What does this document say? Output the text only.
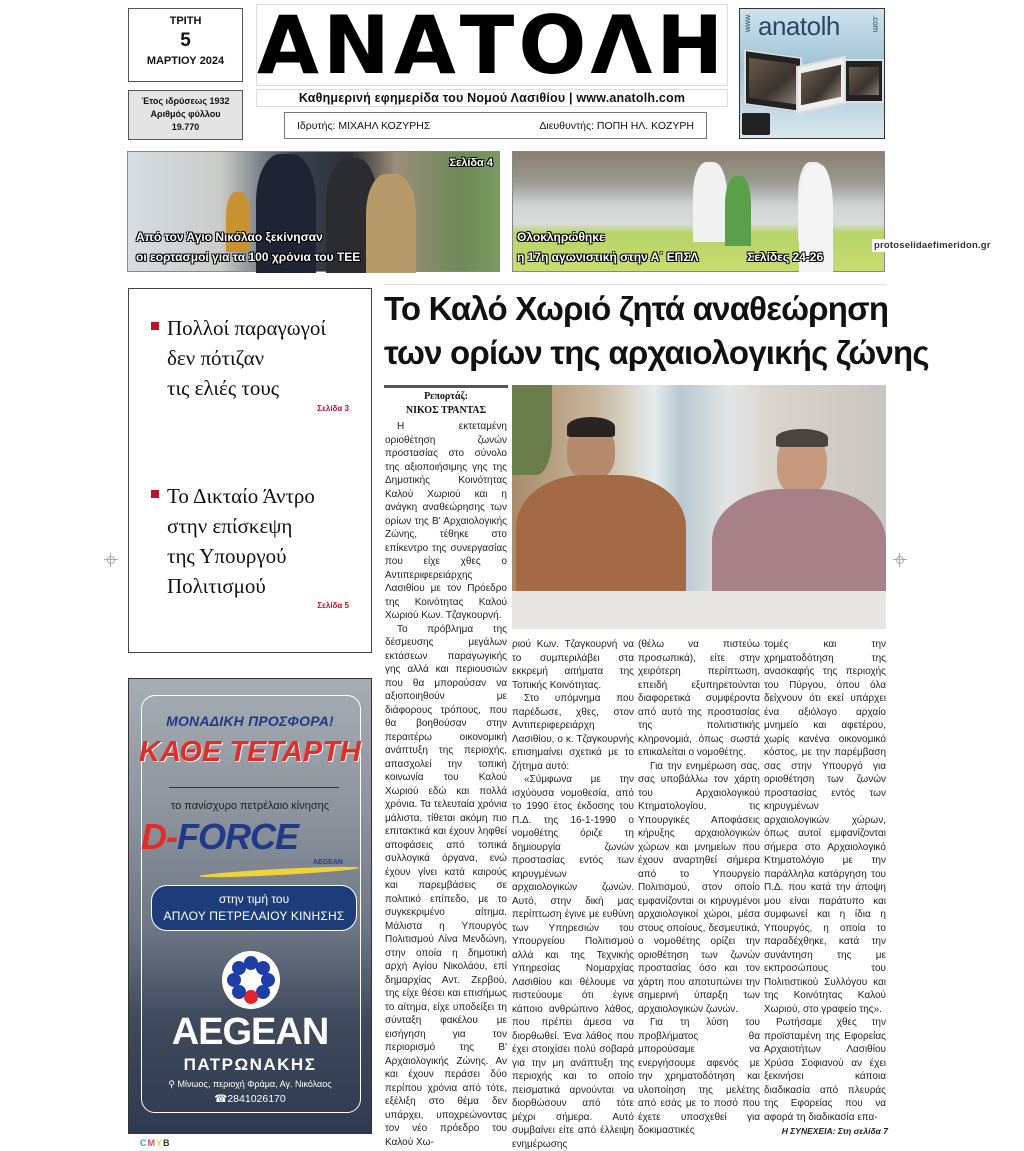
ΤΡΙΤΗ
5
ΜΑΡΤΙΟΥ 2024
Έτος ιδρύσεως 1932
Αριθμός φύλλου
19.770
ΑΝΑΤΟΛΗ
Καθημερινή εφημερίδα του Νομού Λασιθίου | www.anatolh.com
Ιδρυτής: ΜΙΧΑΗΛ ΚΟΖΥΡΗΣ	Διευθυντής: ΠΟΠΗ ΗΛ. ΚΟΖΥΡΗ
www. anatolh	.com
Σελίδα 4
Από τον Άγιο Νικόλαο ξεκίνησαν
οι εορτασμοί για τα 100 χρόνια του ΤΕΕ
Ολοκληρώθηκε
η 17η αγωνιστική στην Α΄ ΕΠΣΛ	Σελίδες 24-26
protoselidaefimeridon.gr
Πολλοί παραγωγοί
δεν πότιζαν
τις ελιές τους
Σελίδα 3
Το Δικταίο Άντρο
στην επίσκεψη
της Υπουργού
Πολιτισμού
Σελίδα 5
ΜΟΝΑΔΙΚΗ ΠΡΟΣΦΟΡΑ!
ΚΑΘΕ ΤΕΤΑΡΤΗ
το πανίσχυρο πετρέλαιο κίνησης
D-FORCE
AEGEAN
στην τιμή του
ΑΠΛΟΥ ΠΕΤΡΕΛΑΙΟΥ ΚΙΝΗΣΗΣ
AEGEAN
ΠΑΤΡΩΝΑΚΗΣ
⚲ Μίνωος, περιοχή Φράμα, Αγ. Νικόλαος
☎2841026170
CMYB
Ρεπορτάζ:
ΝΙΚΟΣ ΤΡΑΝΤΑΣ
Το Καλό Χωριό ζητά αναθεώρηση
των ορίων της αρχαιολογικής ζώνης

Η εκτεταμένη οριοθέτηση ζωνών προστασίας στο σύνολο της αξιοποιήσιμης γης της Δημοτικής Κοινότητας Καλού Χωριού και η ανάγκη αναθεώρησης των ορίων της Β' Αρχαιολογικής Ζώνης, τέθηκε στο επίκεντρο της συνεργασίας που είχε χθες ο Αντιπεριφερειάρχης Λασιθίου με τον Πρόεδρο της Κοινότητας Καλού Χωριού Κων. Τζαγκουρνή.

Το πρόβλημα της δέσμευσης μεγάλων εκτάσεων παραγωγικής γης αλλά και περιουσιών που θα μπορούσαν να αξιοποιηθούν με διάφορους τρόπους, που θα βοηθούσαν στην περαιτέρω οικονομική ανάπτυξη της περιοχής, απασχολεί την τοπική κοινωνία του Καλού Χωριού εδώ και πολλά χρόνια. Τα τελευταία χρόνια μάλιστα, τίθεται ακόμη πιο επιτακτικά και έχουν ληφθεί αποφάσεις από τοπικά συλλογικά όργανα, ενώ έχουν γίνει κατά καιρούς και παρεμβάσεις σε πολιτικό επίπεδο, με το συγκεκριμένο αίτημα. Μάλιστα η Υπουργός Πολιτισμού Λίνα Μενδώνη, στην οποία η δημοτική αρχή Αγίου Νικολάου, επί δημαρχίας Αντ. Ζερβού, της είχε θέσει και επισήμως το αίτημα, είχε υποδείξει τη σύνταξη φακέλου με εισήγηση για τον περιορισμό της Β' Αρχαιολογικής Ζώνης. Αν και έχουν περάσει δύο περίπου χρόνια από τότε, εξέλιξη στο θέμα δεν υπάρχει, υποχρεώνοντας τον νέο πρόεδρο του Καλού Χω-

ριού Κων. Τζαγκουρνή να το συμπεριλάβει στα εκκρεμή αιτήματα της Τοπικής Κοινότητας.

Στο υπόμνημα που παρέδωσε, χθες, στον Αντιπεριφερειάρχη Λασιθίου, ο κ. Τζαγκουρνής επισημαίνει σχετικά με το ζήτημα αυτό:

«Σύμφωνα με την ισχύουσα νομοθεσία, από το 1990 έτος έκδοσης του Π.Δ. της 16-1-1990 ο νομοθέτης όριζε τη δημιουργία ζωνών προστασίας εντός των κηρυγμένων αρχαιολογικών ζωνών. Αυτό, στην δική μας περίπτωση έγινε με ευθύνη των Υπηρεσιών του Υπουργείου Πολιτισμού αλλά και της Τεχνικής Υπηρεσίας Νομαρχίας Λασιθίου και θέλουμε να πιστεύουμε ότι έγινε κάποιο ανθρώπινο λάθος, που πρέπει άμεσα να διορθωθεί. Ένα λάθος που έχει στοιχίσει πολύ σοβαρά για την μη ανάπτυξη της περιοχής και το οποίο πεισματικά αρνούνται να διορθώσουν από τότε μέχρι σήμερα. Αυτό συμβαίνει είτε από έλλειψη ενημέρωσης

(θέλω να πιστεύω προσωπικά), είτε στην χειρότερη περίπτωση, επειδή εξυπηρετούνται διαφορετικά συμφέροντα από αυτό της προστασίας της πολιτιστικής κληρονομιά, όπως σωστά επικαλείται ο νομοθέτης.

Για την ενημέρωση σας, σας υποβάλλω τον χάρτη του Αρχαιολογικού Κτηματολογίου, τις Υπουργικές Αποφάσεις κήρυξης αρχαιολογικών χώρων και μνημείων που έχουν αναρτηθεί σήμερα από το Υπουργείο Πολιτισμού, στον οποίο εμφανίζονται οι κηρυγμένοι αρχαιολογικοί χώροι, μέσα στους οποίους, δεσμευτικά, ο νομοθέτης ορίζει την οριοθέτηση των ζωνών προστασίας όσο και τον χάρτη που αποτυπώνει την σημερινή ύπαρξη των αρχαιολογικών ζωνών.

Για τη λύση του προβλήματος θα μπορούσαμε να ενεργήσουμε αφενός με την χρηματοδότηση και υλοποίηση της μελέτης από εσάς με το ποσό που έχετε υποσχεθεί για δοκιμαστικές

τομές και την χρηματοδότηση της ανασκαφής της περιοχής του Πύργου, όπου όλα δείχνουν ότι εκεί υπάρχει ένα αξιόλογο αρχαίο μνημείο και αφετέρου, χωρίς κανένα οικονομικό κόστος, με την παρέμβαση σας στην Υπουργό για οριοθέτηση των ζωνών προστασίας εντός των κηρυγμένων αρχαιολογικών χώρων, όπως αυτοί εμφανίζονται σήμερα στο Αρχαιολογικό Κτηματολόγιο με την παράλληλα κατάργηση του Π.Δ. που κατά την άποψη μου είναι παράτυπο και συμφωνεί και η ίδια η Υπουργός, η οποία το παραδέχθηκε, κατά την συνάντηση της με εκπροσώπους του Πολιτιστικού Συλλόγου και της Κοινότητας Καλού Χωριού, στο γραφείο της».

Ρωτήσαμε χθες την προϊσταμένη της Εφορείας Αρχαιοτήτων Λασιθίου Χρύσα Σοφιανού αν έχει ξεκινήσει κάποια διαδικασία από πλευράς της Εφορείας που να αφορά τη διαδικασία επα-

Η ΣΥΝΕΧΕΙΑ: Στη σελίδα 7
